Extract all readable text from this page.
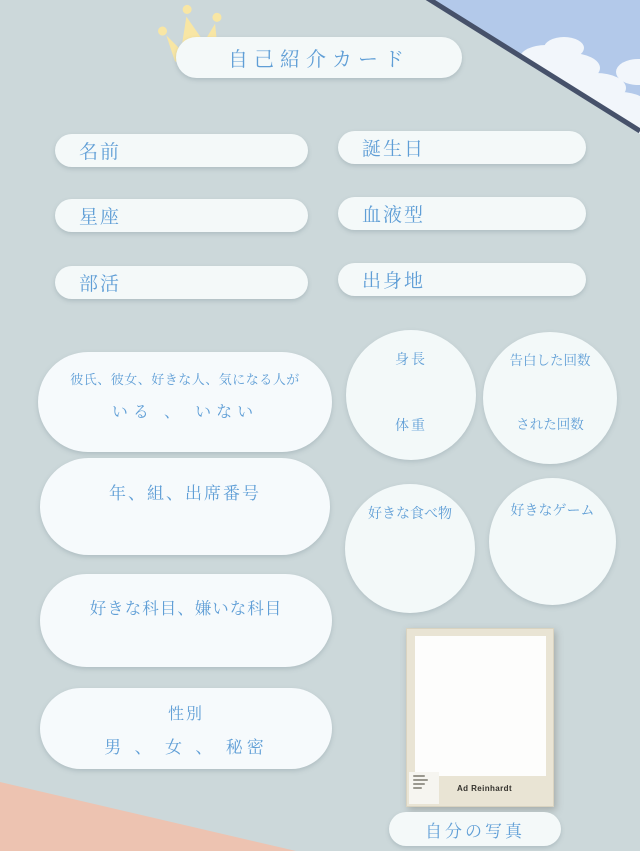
自己紹介カード
名前
星座
部活
誕生日
血液型
出身地
彼氏、彼女、好きな人、気になる人が
いる 、 いない
身長
体重
告白した回数
された回数
年、組、出席番号
好きな食べ物	好きなゲーム
好きな科目、嫌いな科目
性別
男 、 女 、 秘密
Ad Reinhardt
自分の写真
